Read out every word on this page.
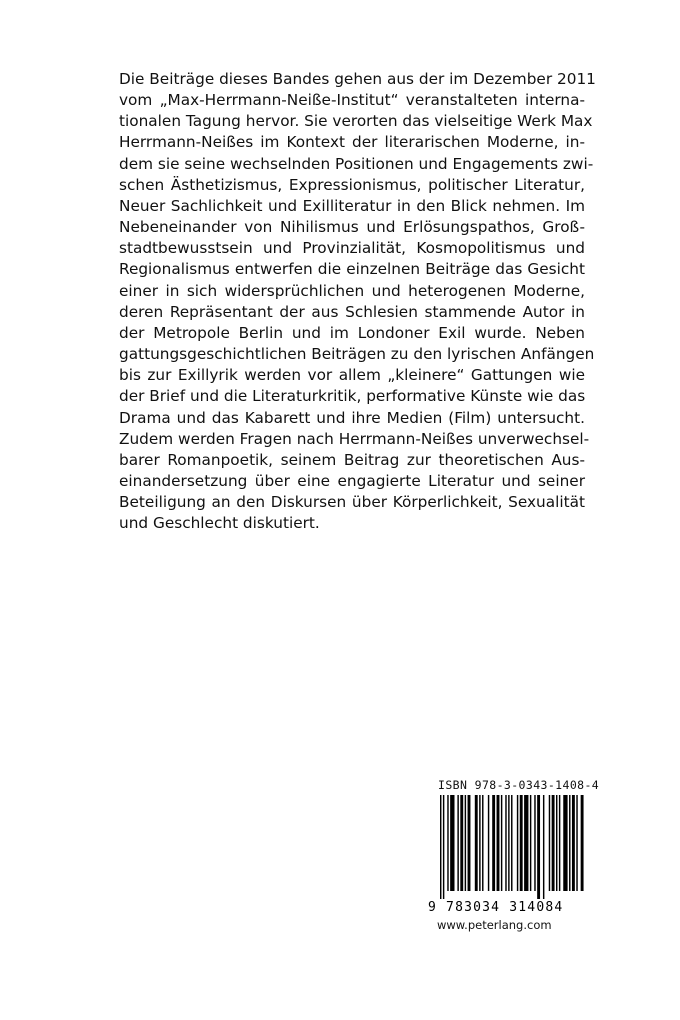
Die Beiträge dieses Bandes gehen aus der im Dezember 2011
vom „Max-Herrmann-Neiße-Institut“ veranstalteten interna-
tionalen Tagung hervor. Sie verorten das vielseitige Werk Max
Herrmann-Neißes im Kontext der literarischen Moderne, in-
dem sie seine wechselnden Positionen und Engagements zwi-
schen Ästhetizismus, Expressionismus, politischer Literatur,
Neuer Sachlichkeit und Exilliteratur in den Blick nehmen. Im
Nebeneinander von Nihilismus und Erlösungspathos, Groß-
stadtbewusstsein und Provinzialität, Kosmopolitismus und
Regionalismus entwerfen die einzelnen Beiträge das Gesicht
einer in sich widersprüchlichen und heterogenen Moderne,
deren Repräsentant der aus Schlesien stammende Autor in
der Metropole Berlin und im Londoner Exil wurde. Neben
gattungsgeschichtlichen Beiträgen zu den lyrischen Anfängen
bis zur Exillyrik werden vor allem „kleinere“ Gattungen wie
der Brief und die Literaturkritik, performative Künste wie das
Drama und das Kabarett und ihre Medien (Film) untersucht.
Zudem werden Fragen nach Herrmann-Neißes unverwechsel-
barer Romanpoetik, seinem Beitrag zur theoretischen Aus-
einandersetzung über eine engagierte Literatur und seiner
Beteiligung an den Diskursen über Körperlichkeit, Sexualität
und Geschlecht diskutiert.
ISBN 978-3-0343-1408-4
9 783034 314084
www.peterlang.com
